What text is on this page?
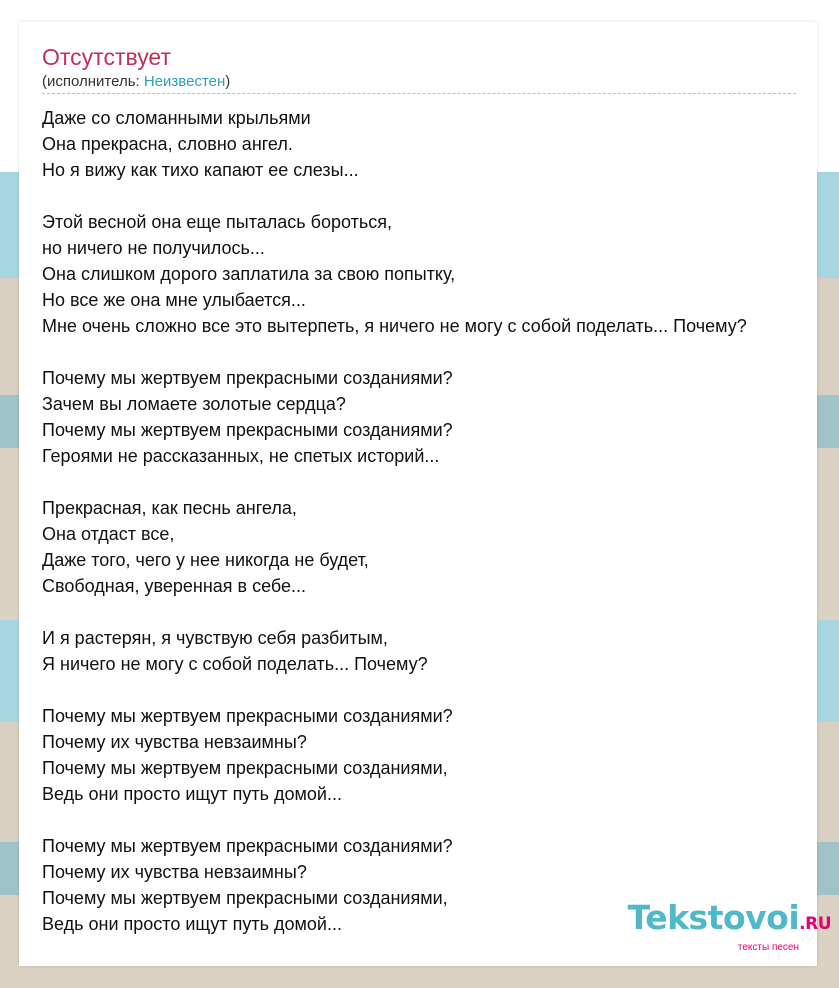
Отсутствует
(исполнитель: Неизвестен)
Даже со сломанными крыльями
Она прекрасна, словно ангел.
Но я вижу как тихо капают ее слезы...
Этой весной она еще пыталась бороться,
но ничего не получилось...
Она слишком дорого заплатила за свою попытку,
Но все же она мне улыбается...
Мне очень сложно все это вытерпеть, я ничего не могу с собой поделать... Почему?
Почему мы жертвуем прекрасными созданиями?
Зачем вы ломаете золотые сердца?
Почему мы жертвуем прекрасными созданиями?
Героями не рассказанных, не спетых историй...
Прекрасная, как песнь ангела,
Она отдаст все,
Даже того, чего у нее никогда не будет,
Свободная, уверенная в себе...
И я растерян, я чувствую себя разбитым,
Я ничего не могу с собой поделать... Почему?
Почему мы жертвуем прекрасными созданиями?
Почему их чувства невзаимны?
Почему мы жертвуем прекрасными созданиями,
Ведь они просто ищут путь домой...
Почему мы жертвуем прекрасными созданиями?
Почему их чувства невзаимны?
Почему мы жертвуем прекрасными созданиями,
Ведь они просто ищут путь домой...	Tekstovoi.RU
тексты песен
